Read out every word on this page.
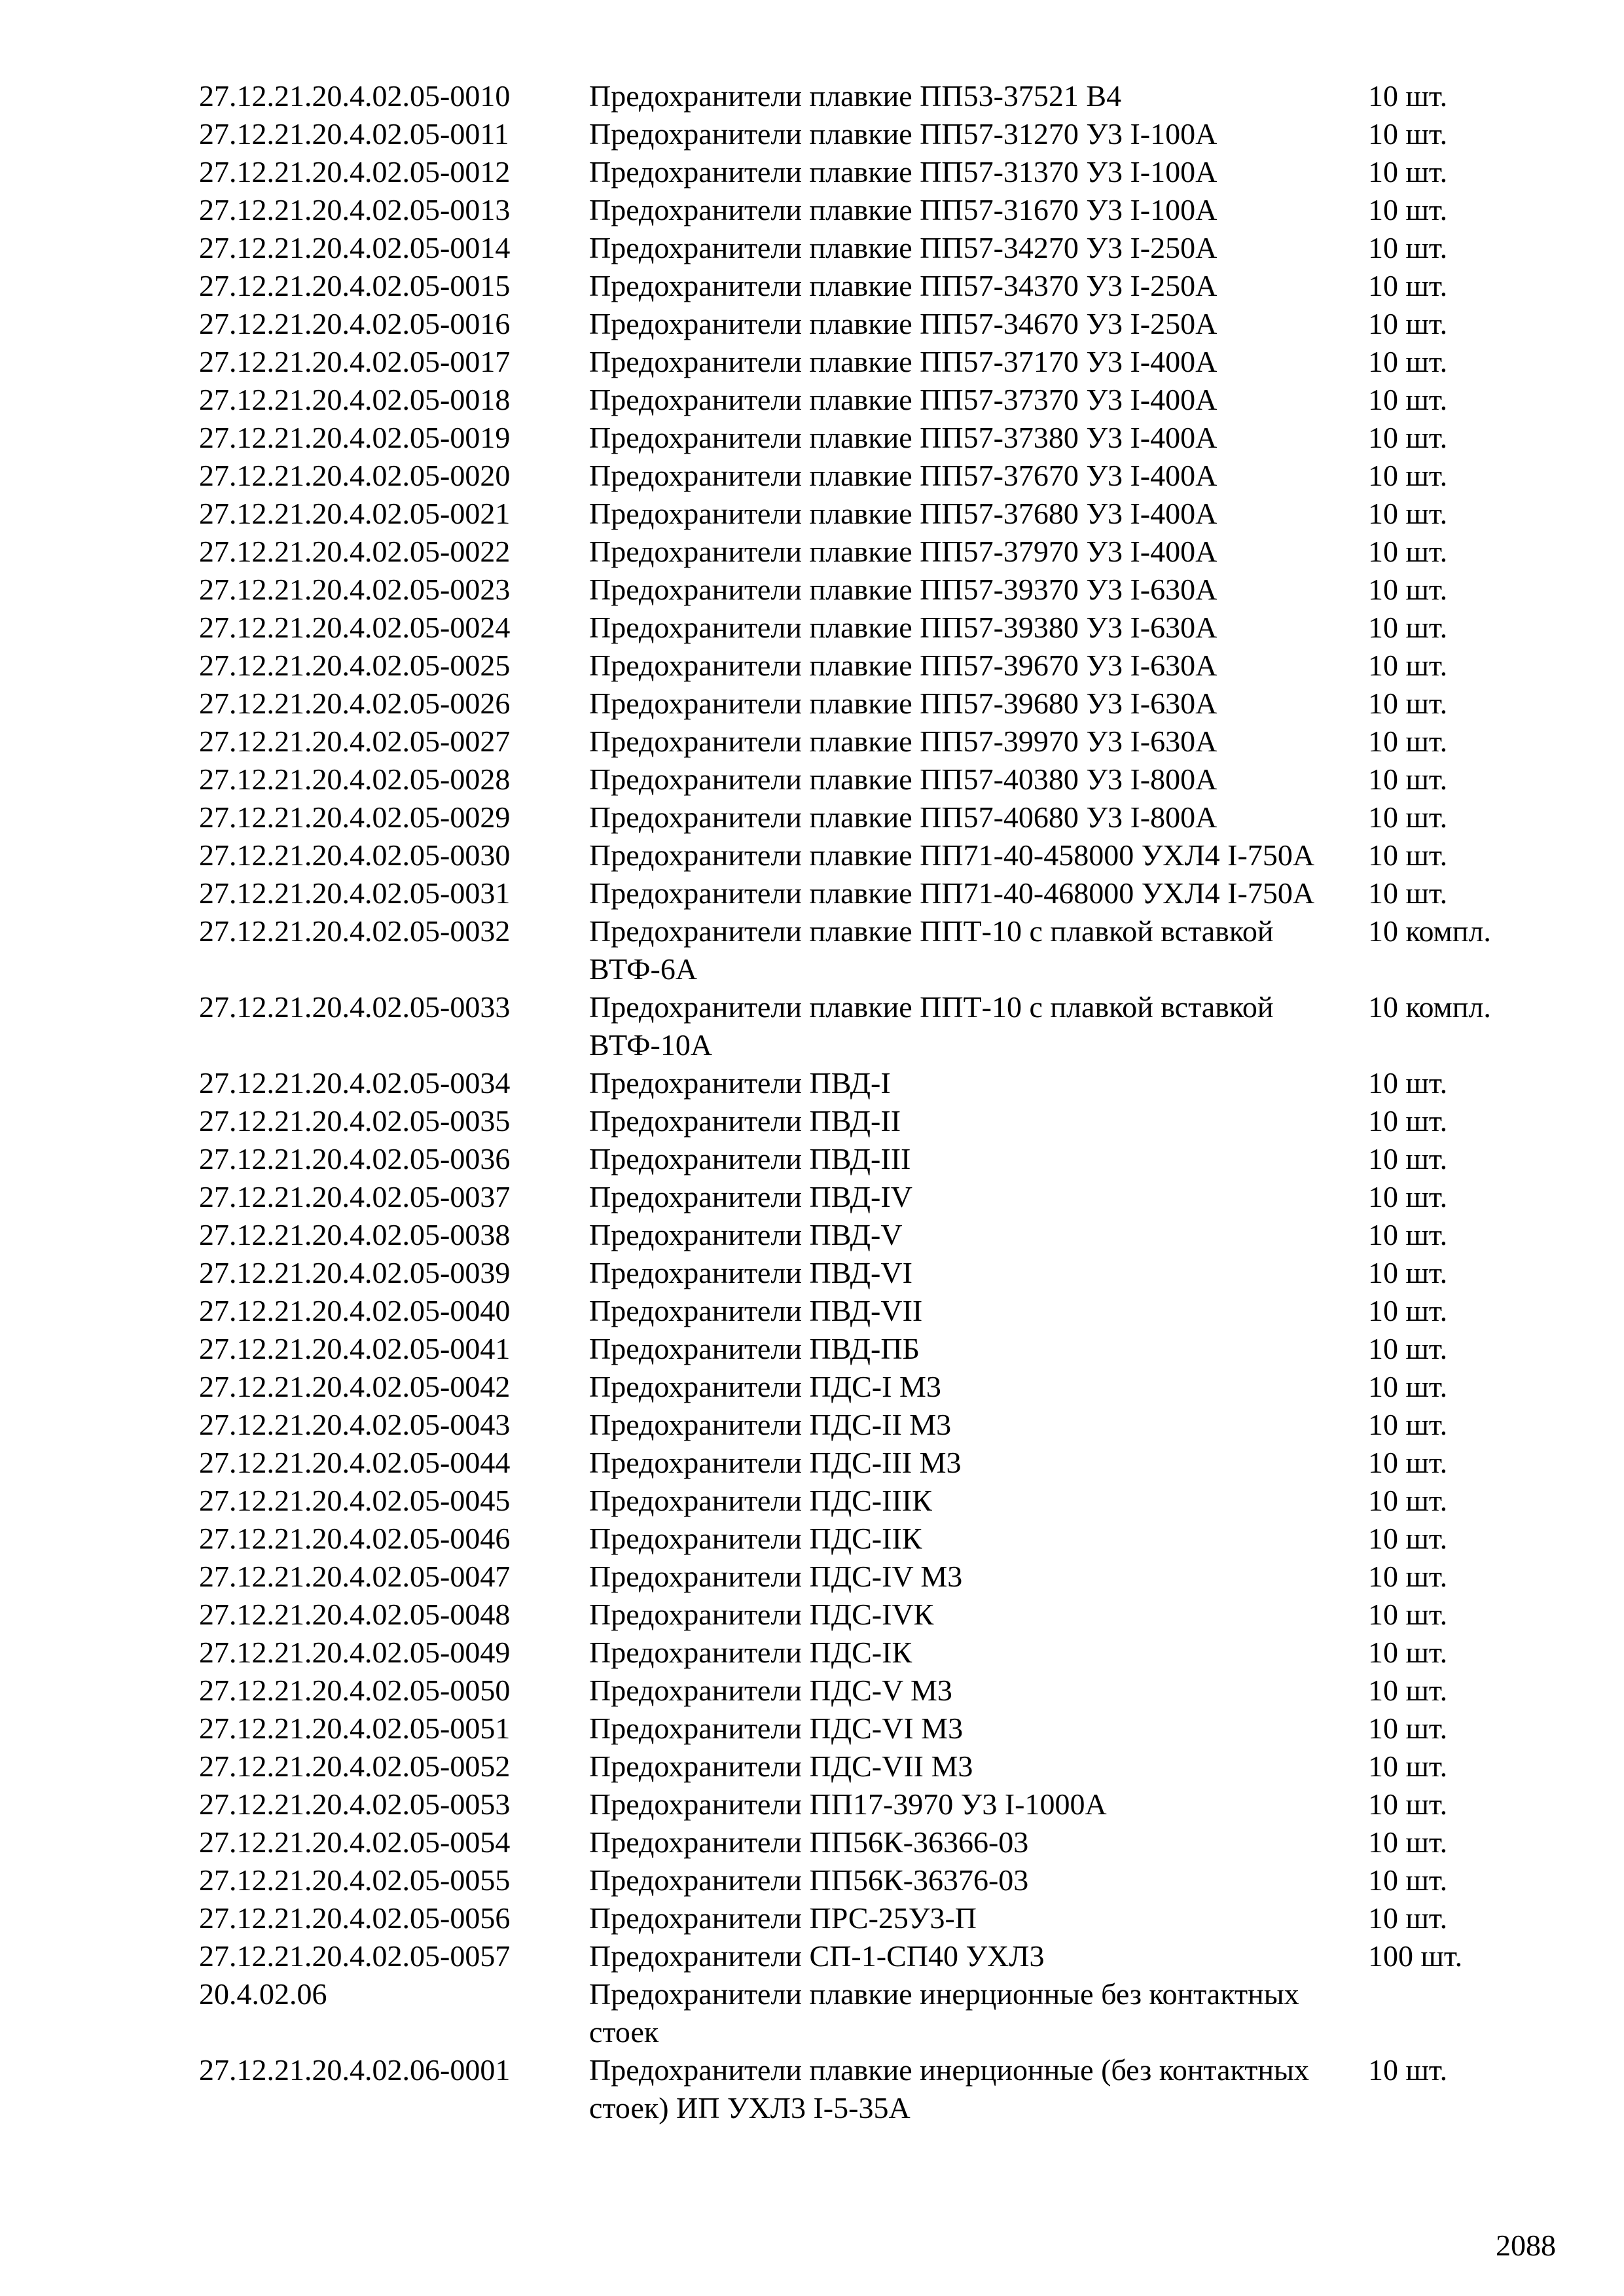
27.12.21.20.4.02.05-0010	Предохранители плавкие ПП53-37521 В4	10 шт.
27.12.21.20.4.02.05-0011	Предохранители плавкие ПП57-31270 У3 I-100А	10 шт.
27.12.21.20.4.02.05-0012	Предохранители плавкие ПП57-31370 У3 I-100А	10 шт.
27.12.21.20.4.02.05-0013	Предохранители плавкие ПП57-31670 У3 I-100А	10 шт.
27.12.21.20.4.02.05-0014	Предохранители плавкие ПП57-34270 У3 I-250А	10 шт.
27.12.21.20.4.02.05-0015	Предохранители плавкие ПП57-34370 У3 I-250А	10 шт.
27.12.21.20.4.02.05-0016	Предохранители плавкие ПП57-34670 У3 I-250А	10 шт.
27.12.21.20.4.02.05-0017	Предохранители плавкие ПП57-37170 У3 I-400А	10 шт.
27.12.21.20.4.02.05-0018	Предохранители плавкие ПП57-37370 У3 I-400А	10 шт.
27.12.21.20.4.02.05-0019	Предохранители плавкие ПП57-37380 У3 I-400А	10 шт.
27.12.21.20.4.02.05-0020	Предохранители плавкие ПП57-37670 У3 I-400А	10 шт.
27.12.21.20.4.02.05-0021	Предохранители плавкие ПП57-37680 У3 I-400А	10 шт.
27.12.21.20.4.02.05-0022	Предохранители плавкие ПП57-37970 У3 I-400А	10 шт.
27.12.21.20.4.02.05-0023	Предохранители плавкие ПП57-39370 У3 I-630А	10 шт.
27.12.21.20.4.02.05-0024	Предохранители плавкие ПП57-39380 У3 I-630А	10 шт.
27.12.21.20.4.02.05-0025	Предохранители плавкие ПП57-39670 У3 I-630А	10 шт.
27.12.21.20.4.02.05-0026	Предохранители плавкие ПП57-39680 У3 I-630А	10 шт.
27.12.21.20.4.02.05-0027	Предохранители плавкие ПП57-39970 У3 I-630А	10 шт.
27.12.21.20.4.02.05-0028	Предохранители плавкие ПП57-40380 У3 I-800А	10 шт.
27.12.21.20.4.02.05-0029	Предохранители плавкие ПП57-40680 У3 I-800А	10 шт.
27.12.21.20.4.02.05-0030	Предохранители плавкие ПП71-40-458000 УХЛ4 I-750А	10 шт.
27.12.21.20.4.02.05-0031	Предохранители плавкие ПП71-40-468000 УХЛ4 I-750А	10 шт.
27.12.21.20.4.02.05-0032	Предохранители плавкие ППТ-10 с плавкой вставкой ВТФ-6А
10 компл.
27.12.21.20.4.02.05-0033	Предохранители плавкие ППТ-10 с плавкой вставкой ВТФ-10А
10 компл.
27.12.21.20.4.02.05-0034	Предохранители ПВД-I	10 шт.
27.12.21.20.4.02.05-0035	Предохранители ПВД-II	10 шт.
27.12.21.20.4.02.05-0036	Предохранители ПВД-III	10 шт.
27.12.21.20.4.02.05-0037	Предохранители ПВД-IV	10 шт.
27.12.21.20.4.02.05-0038	Предохранители ПВД-V	10 шт.
27.12.21.20.4.02.05-0039	Предохранители ПВД-VI	10 шт.
27.12.21.20.4.02.05-0040	Предохранители ПВД-VII	10 шт.
27.12.21.20.4.02.05-0041	Предохранители ПВД-ПБ	10 шт.
27.12.21.20.4.02.05-0042	Предохранители ПДС-I М3	10 шт.
27.12.21.20.4.02.05-0043	Предохранители ПДС-II М3	10 шт.
27.12.21.20.4.02.05-0044	Предохранители ПДС-III М3	10 шт.
27.12.21.20.4.02.05-0045	Предохранители ПДС-IIIК	10 шт.
27.12.21.20.4.02.05-0046	Предохранители ПДС-IIК	10 шт.
27.12.21.20.4.02.05-0047	Предохранители ПДС-IV М3	10 шт.
27.12.21.20.4.02.05-0048	Предохранители ПДС-IVК	10 шт.
27.12.21.20.4.02.05-0049	Предохранители ПДС-IК	10 шт.
27.12.21.20.4.02.05-0050	Предохранители ПДС-V М3	10 шт.
27.12.21.20.4.02.05-0051	Предохранители ПДС-VI М3	10 шт.
27.12.21.20.4.02.05-0052	Предохранители ПДС-VII М3	10 шт.
27.12.21.20.4.02.05-0053	Предохранители ПП17-3970 У3 I-1000А	10 шт.
27.12.21.20.4.02.05-0054	Предохранители ПП56К-36366-03	10 шт.
27.12.21.20.4.02.05-0055	Предохранители ПП56К-36376-03	10 шт.
27.12.21.20.4.02.05-0056	Предохранители ПРС-25У3-П	10 шт.
27.12.21.20.4.02.05-0057	Предохранители СП-1-СП40 УХЛ3	100 шт.
20.4.02.06	Предохранители плавкие инерционные без контактных стоек
27.12.21.20.4.02.06-0001	Предохранители плавкие инерционные (без контактных стоек) ИП УХЛ3 I-5-35А
10 шт.
2088
